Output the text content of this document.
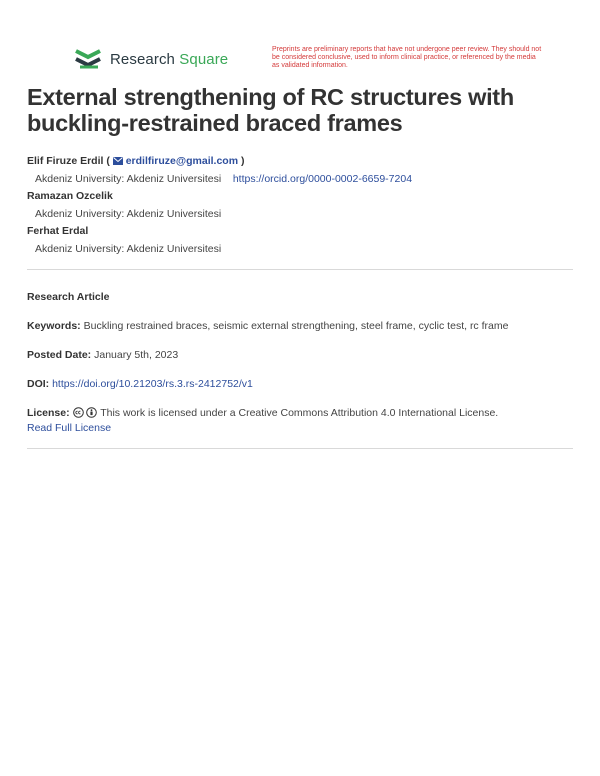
Research Square
Preprints are preliminary reports that have not undergone peer review. They should not be considered conclusive, used to inform clinical practice, or referenced by the media as validated information.
External strengthening of RC structures with buckling-restrained braced frames
Elif Firuze Erdil ( erdilfiruze@gmail.com )
Akdeniz University: Akdeniz Universitesi https://orcid.org/0000-0002-6659-7204
Ramazan Ozcelik
Akdeniz University: Akdeniz Universitesi
Ferhat Erdal
Akdeniz University: Akdeniz Universitesi
Research Article
Keywords: Buckling restrained braces, seismic external strengthening, steel frame, cyclic test, rc frame
Posted Date: January 5th, 2023
DOI: https://doi.org/10.21203/rs.3.rs-2412752/v1
License:	This work is licensed under a Creative Commons Attribution 4.0 International License.
Read Full License
